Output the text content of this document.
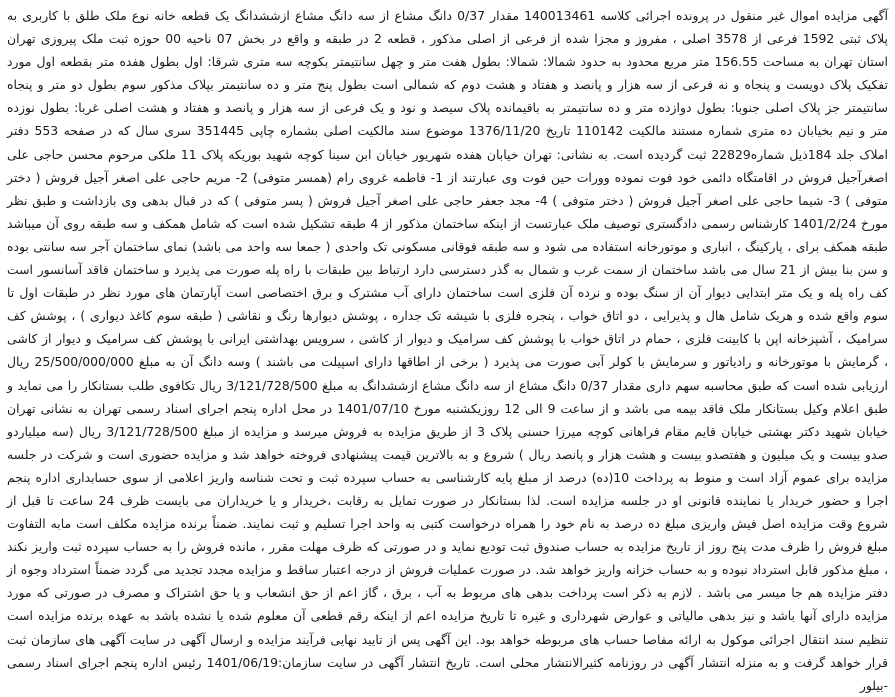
آگهی مزایده اموال غیر منقول در پرونده اجرائی کلاسه 140013461 مقدار 0/37 دانگ مشاع از سه دانگ مشاع ازششدانگ یک قطعه خانه نوع ملک طلق با کاربری به پلاک ثبتی 1592 فرعی از 3578 اصلی ، مفروز و مجزا شده از فرعی از اصلی مذکور ، قطعه 2 در طبقه و واقع در بخش 07 ناحیه 00 حوزه ثبت ملک پیروزی تهران استان تهران به مساحت 156.55 متر مربع محدود به حدود شمالا: شمالا: بطول هفت متر و چهل سانتیمتر بکوچه سه متری شرقا: اول بطول هفده متر بقطعه اول مورد تفکیک پلاک دویست و پنجاه و نه فرعی از سه هزار و پانصد و هفتاد و هشت دوم که شمالی است بطول پنج متر و ده سانتیمتر بپلاک مذکور سوم بطول دو متر و پنجاه سانتیمتر جز پلاک اصلی جنوبا: بطول دوازده متر و ده سانتیمتر به باقیمانده پلاک سیصد و نود و یک فرعی از سه هزار و پانصد و هفتاد و هشت اصلی غربا: بطول نوزده متر و نیم بخیابان ده متری شماره مستند مالکیت 110142 تاریخ 1376/11/20 موضوع سند مالکیت اصلی بشماره چاپی 351445 سری سال که در صفحه 553 دفتر املاک جلد 184ذیل شماره22829 ثبت گردیده است. به نشانی: تهران خیابان هفده شهریور خیابان ابن سینا کوچه شهید بوریکه پلاک 11 ملکی مرحوم محسن حاجی علی اصغرآجیل فروش در اقامتگاه دائمی خود فوت نموده وورات حین فوت وی عبارتند از 1- فاطمه غروی رام (همسر متوفی) 2- مریم حاجی علی اصغر آجیل فروش ( دختر متوفی ) 3- شیما حاجی علی اصغر آجیل فروش ( دختر متوفی ) 4- مجد جعفر حاجی علی اصغر آجیل فروش ( پسر متوفی ) که در قبال بدهی وی بازداشت و طبق نظر مورخ 1401/2/24 کارشناس رسمی دادگستری توصیف ملک عبارتست از اینکه ساختمان مذکور از 4 طبقه تشکیل شده است که شامل همکف و سه طبقه روی آن میباشد طبقه همکف برای ، پارکینگ ، انباری و موتورخانه استفاده می شود و سه طبقه فوقانی مسکونی تک واحدی ( جمعا سه واحد می باشد) نمای ساختمان آجر سه سانتی بوده و سن بنا بیش از 21 سال می باشد ساختمان از سمت غرب و شمال به گذر دسترسی دارد ارتباط بین طبقات با راه پله صورت می پذیرد و ساختمان فاقد آسانسور است کف راه پله و یک متر ابتدایی دیوار آن از سنگ بوده و نرده آن فلزی است ساختمان دارای آب مشترک و برق اختصاصی است آپارتمان های مورد نظر در طبقات اول تا سوم واقع شده و هریک شامل هال و پذیرایی ، دو اتاق خواب ، پنجره فلزی با شیشه تک جداره ، پوشش دیوارها رنگ و نقاشی ( طبقه سوم کاغذ دیواری ) ، پوشش کف سرامیک ، آشپزخانه اپن با کابینت فلزی ، حمام در اتاق خواب با پوشش کف سرامیک و دیوار از کاشی ، سرویس بهداشتی ایرانی با پوشش کف سرامیک و دیوار از کاشی ، گرمایش با موتورخانه و رادیاتور و سرمایش با کولر آبی صورت می پذیرد ( برخی از اطاقها دارای اسپیلت می باشند ) وسه دانگ آن به مبلغ 25/500/000/000 ریال ارزیابی شده است که طبق محاسبه سهم داری مقدار 0/37 دانگ مشاع از سه دانگ مشاع ازششدانگ به مبلغ 3/121/728/500 ریال تکافوی طلب بستانکار را می نماید و طبق اعلام وکیل بستانکار ملک فاقد بیمه می باشد و از ساعت 9 الی 12 روزیکشنبه مورخ 1401/07/10 در محل اداره پنجم اجرای اسناد رسمی تهران به نشانی تهران خیابان شهید دکتر بهشتی خیابان قایم مقام فراهانی کوچه میرزا حسنی پلاک 3 از طریق مزایده به فروش میرسد و مزایده از مبلغ 3/121/728/500 ریال (سه میلیاردو صدو بیست و یک میلیون و هفتصدو بیست و هشت هزار و پانصد ریال ) شروع و به بالاترین قیمت پیشنهادی فروخته خواهد شد و مزایده حضوری است و شرکت در جلسه مزایده برای عموم آزاد است و منوط به پرداخت 10(ده) درصد از مبلغ پایه کارشناسی به حساب سپرده ثبت و تحت شناسه واریز اعلامی از سوی حسابداری اداره پنجم اجرا و حضور خریدار یا نماینده قانونی او در جلسه مزایده است. لذا بستانکار در صورت تمایل به رقابت ،خریدار و یا خریداران می بایست ظرف 24 ساعت تا قبل از شروع وقت مزایده اصل فیش واریزی مبلغ ده درصد به نام خود را همراه درخواست کتبی به واحد اجرا تسلیم و ثبت نمایند. ضمناً برنده مزایده مکلف است مابه التفاوت مبلغ فروش را ظرف مدت پنج روز از تاریخ مزایده به حساب صندوق ثبت تودیع نماید و در صورتی که ظرف مهلت مقرر ، مانده فروش را به حساب سپرده ثبت واریز نکند ، مبلغ مذکور قابل استرداد نبوده و به حساب خزانه واریز خواهد شد. در صورت عملیات فروش از درجه اعتبار ساقط و مزایده مجدد تجدید می گردد ضمناً استرداد وجوه از دفتر مزایده هم جا میسر می باشد . لازم به ذکر است پرداخت بدهی های مربوط به آب ، برق ، گاز اعم از حق انشعاب و یا حق اشتراک و مصرف در صورتی که مورد مزایده دارای آنها باشد و نیز بدهی مالیاتی و عوارض شهرداری و غیره تا تاریخ مزایده اعم از اینکه رقم قطعی آن معلوم شده یا نشده باشد به عهده برنده مزایده است تنظیم سند انتقال اجرائی موکول به ارائه مفاصا حساب های مربوطه خواهد بود. این آگهی پس از تایید نهایی فرآیند مزایده و ارسال آگهی در سایت آگهی های سازمان ثبت قرار خواهد گرفت و به منزله انتشار آگهی در روزنامه کثیرالانتشار محلی است. تاریخ انتشار آگهی در سایت سازمان:1401/06/19 رئیس اداره پنجم اجرای اسناد رسمی -بیلور
